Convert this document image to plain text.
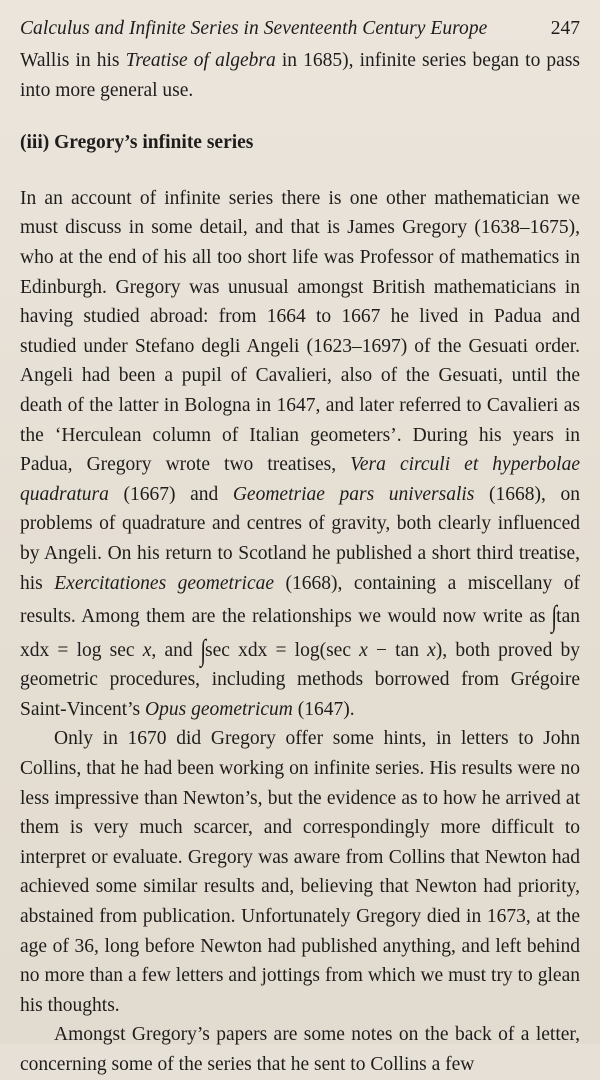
Calculus and Infinite Series in Seventeenth Century Europe	247

Wallis in his Treatise of algebra in 1685), infinite series began to pass into more general use.

(iii) Gregory’s infinite series

In an account of infinite series there is one other mathematician we must discuss in some detail, and that is James Gregory (1638–1675), who at the end of his all too short life was Professor of mathematics in Edinburgh. Gregory was unusual amongst British mathematicians in having studied abroad: from 1664 to 1667 he lived in Padua and studied under Stefano degli Angeli (1623–1697) of the Gesuati order. Angeli had been a pupil of Cavalieri, also of the Gesuati, until the death of the latter in Bologna in 1647, and later referred to Cavalieri as the ‘Herculean column of Italian geometers’. During his years in Padua, Gregory wrote two treatises, Vera circuli et hyperbolae quadratura (1667) and Geometriae pars universalis (1668), on problems of quadrature and centres of gravity, both clearly influenced by Angeli. On his return to Scotland he published a short third treatise, his Exercitationes geometricae (1668), containing a miscellany of results. Among them are the relationships we would now write as ∫tan xdx = log sec x, and ∫sec xdx = log(sec x − tan x), both proved by geometric procedures, including methods borrowed from Grégoire Saint-Vincent’s Opus geometricum (1647).

Only in 1670 did Gregory offer some hints, in letters to John Collins, that he had been working on infinite series. His results were no less impressive than Newton’s, but the evidence as to how he arrived at them is very much scarcer, and correspondingly more difficult to interpret or evaluate. Gregory was aware from Collins that Newton had achieved some similar results and, believing that Newton had priority, abstained from publication. Unfortunately Gregory died in 1673, at the age of 36, long before Newton had published anything, and left behind no more than a few letters and jottings from which we must try to glean his thoughts.

Amongst Gregory’s papers are some notes on the back of a letter, concerning some of the series that he sent to Collins a few
